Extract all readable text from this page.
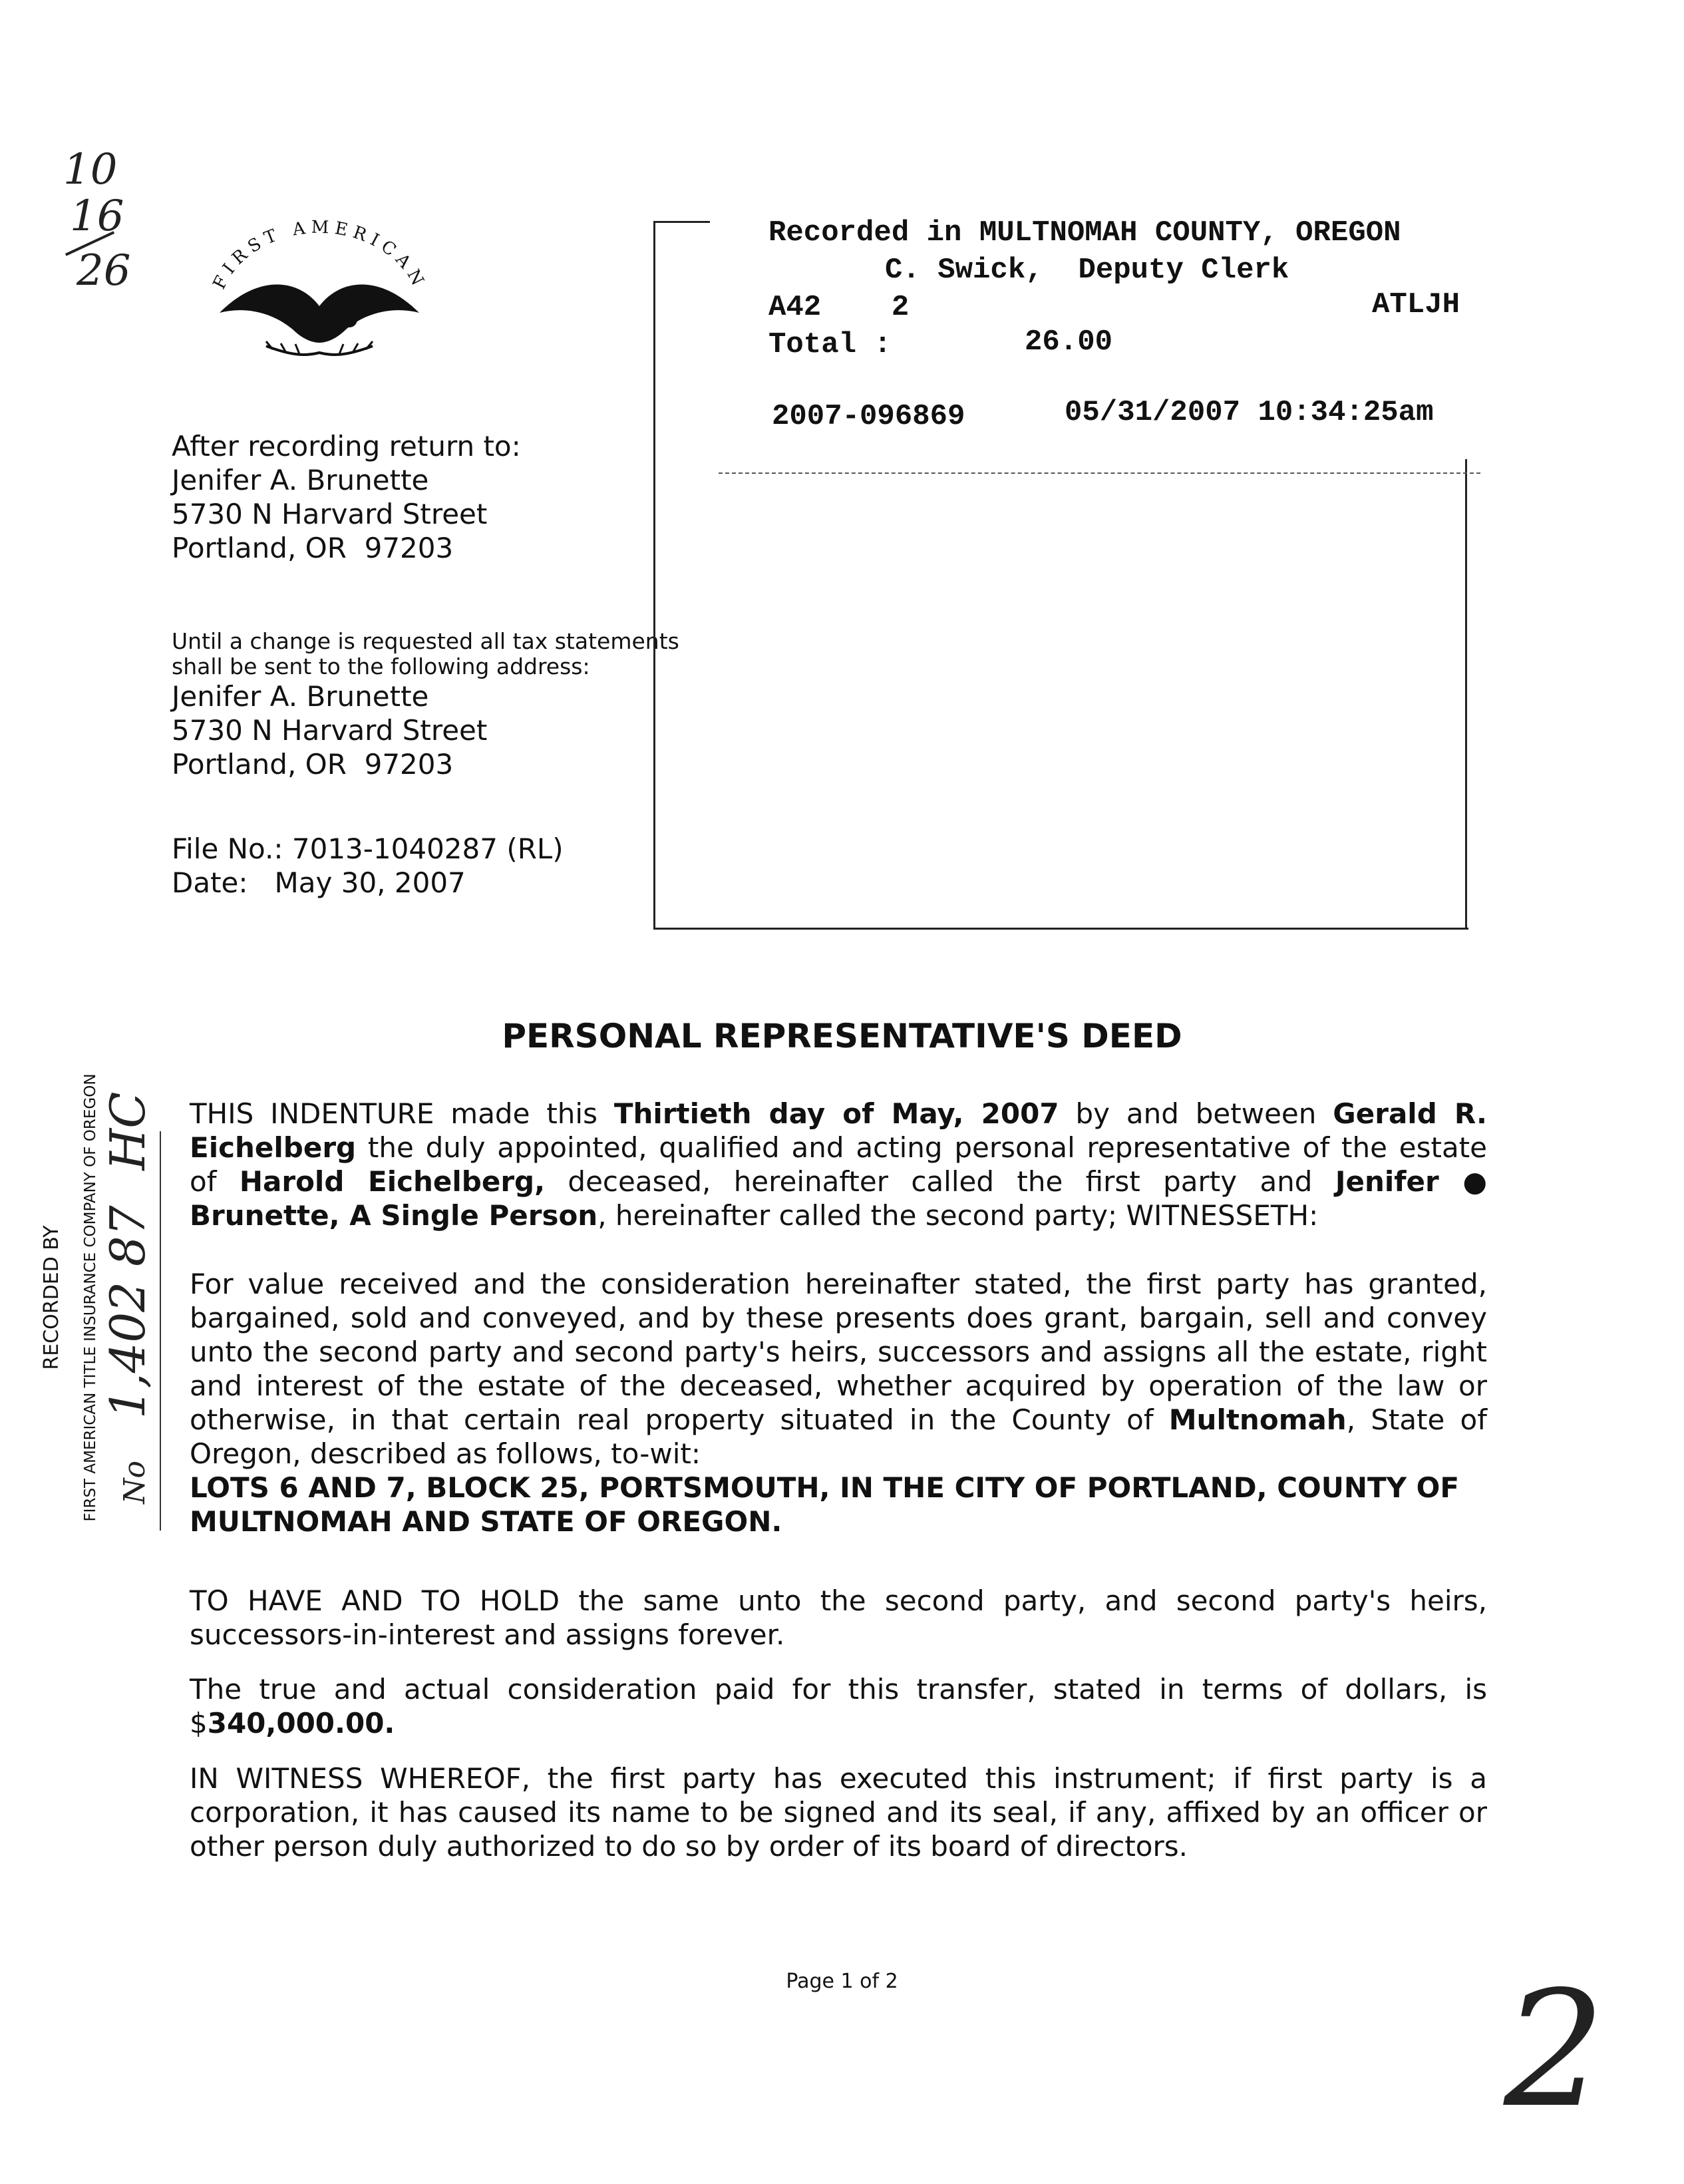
10
16
26	FIRST AMERICAN
After recording return to:
Jenifer A. Brunette
5730 N Harvard Street
Portland, OR  97203
Until a change is requested all tax statements
shall be sent to the following address:
Jenifer A. Brunette
5730 N Harvard Street
Portland, OR  97203
File No.: 7013-1040287 (RL)
Date: May 30, 2007
Recorded in MULTNOMAH COUNTY, OREGON
C. Swick,  Deputy Clerk
A42    2	ATLJH
Total :	26.00
2007-096869	05/31/2007 10:34:25am
PERSONAL REPRESENTATIVE'S DEED
THIS INDENTURE made this Thirtieth day of May, 2007 by and between Gerald R. Eichelberg the duly appointed, qualified and acting personal representative of the estate of Harold Eichelberg, deceased, hereinafter called the first party and Jenifer ● Brunette, A Single Person, hereinafter called the second party; WITNESSETH:
For value received and the consideration hereinafter stated, the first party has granted, bargained, sold and conveyed, and by these presents does grant, bargain, sell and convey unto the second party and second party's heirs, successors and assigns all the estate, right and interest of the estate of the deceased, whether acquired by operation of the law or otherwise, in that certain real property situated in the County of Multnomah, State of Oregon, described as follows, to-wit:
LOTS 6 AND 7, BLOCK 25, PORTSMOUTH, IN THE CITY OF PORTLAND, COUNTY OF MULTNOMAH AND STATE OF OREGON.
TO HAVE AND TO HOLD the same unto the second party, and second party's heirs, successors-in-interest and assigns forever.
The true and actual consideration paid for this transfer, stated in terms of dollars, is $340,000.00.
IN WITNESS WHEREOF, the first party has executed this instrument; if first party is a corporation, it has caused its name to be signed and its seal, if any, affixed by an officer or other person duly authorized to do so by order of its board of directors.
Page 1 of 2
RECORDED BY FIRST AMERICAN TITLE INSURANCE COMPANY OF OREGON No 1,402 87 HC
2
